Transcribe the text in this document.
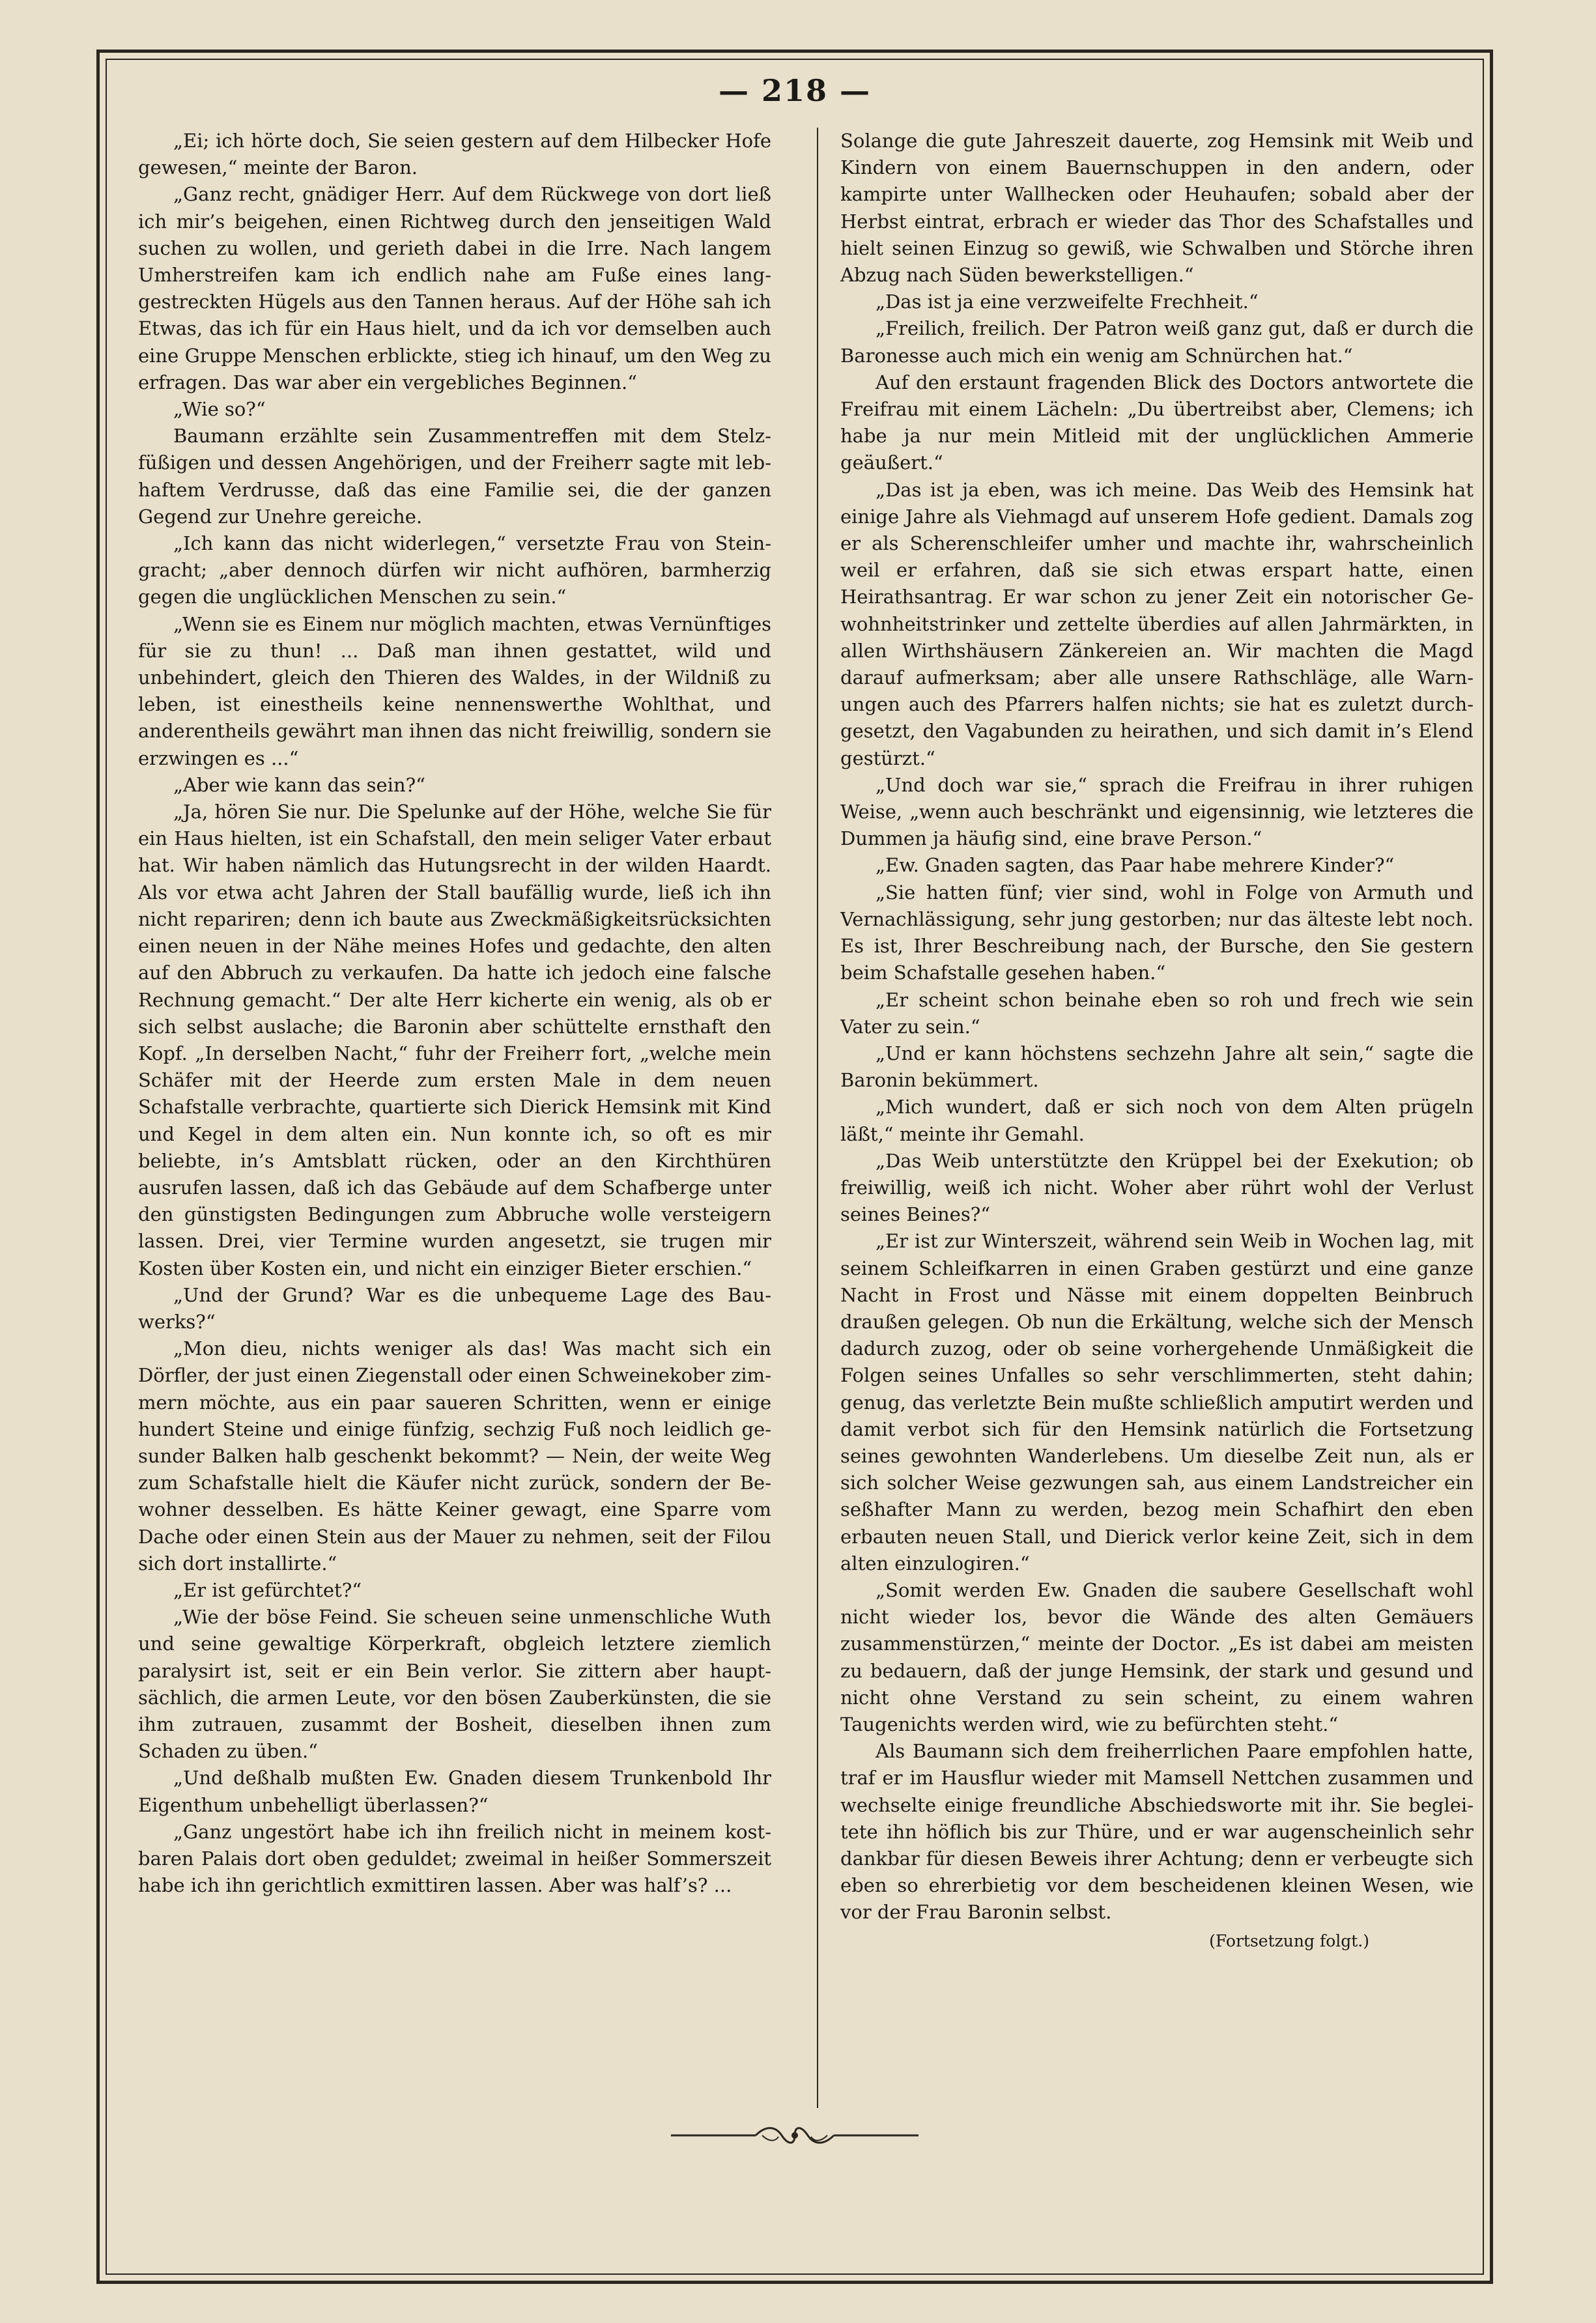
— 218 —

„Ei; ich hörte doch, Sie seien gestern auf dem Hilbecker Hofe gewesen,“ meinte der Baron.

„Ganz recht, gnädiger Herr. Auf dem Rückwege von dort ließ ich mir’s beigehen, einen Richtweg durch den jenseitigen Wald suchen zu wollen, und gerieth dabei in die Irre. Nach langem Umherstreifen kam ich endlich nahe am Fuße eines langgestreckten Hügels aus den Tannen heraus. Auf der Höhe sah ich Etwas, das ich für ein Haus hielt, und da ich vor demselben auch eine Gruppe Menschen erblickte, stieg ich hinauf, um den Weg zu erfragen. Das war aber ein vergebliches Beginnen.“

„Wie so?“

Baumann erzählte sein Zusammentreffen mit dem Stelzfüßigen und dessen Angehörigen, und der Freiherr sagte mit lebhaftem Verdrusse, daß das eine Familie sei, die der ganzen Gegend zur Unehre gereiche.

„Ich kann das nicht widerlegen,“ versetzte Frau von Steingracht; „aber dennoch dürfen wir nicht aufhören, barmherzig gegen die unglücklichen Menschen zu sein.“

„Wenn sie es Einem nur möglich machten, etwas Vernünftiges für sie zu thun! ... Daß man ihnen gestattet, wild und unbehindert, gleich den Thieren des Waldes, in der Wildniß zu leben, ist einestheils keine nennenswerthe Wohlthat, und anderentheils gewährt man ihnen das nicht freiwillig, sondern sie erzwingen es ...“

„Aber wie kann das sein?“

„Ja, hören Sie nur. Die Spelunke auf der Höhe, welche Sie für ein Haus hielten, ist ein Schafstall, den mein seliger Vater erbaut hat. Wir haben nämlich das Hutungsrecht in der wilden Haardt. Als vor etwa acht Jahren der Stall baufällig wurde, ließ ich ihn nicht repariren; denn ich baute aus Zweckmäßigkeitsrücksichten einen neuen in der Nähe meines Hofes und gedachte, den alten auf den Abbruch zu verkaufen. Da hatte ich jedoch eine falsche Rechnung gemacht.“ Der alte Herr kicherte ein wenig, als ob er sich selbst auslache; die Baronin aber schüttelte ernsthaft den Kopf. „In derselben Nacht,“ fuhr der Freiherr fort, „welche mein Schäfer mit der Heerde zum ersten Male in dem neuen Schafstalle verbrachte, quartierte sich Dierick Hemsink mit Kind und Kegel in dem alten ein. Nun konnte ich, so oft es mir beliebte, in’s Amtsblatt rücken, oder an den Kirchthüren ausrufen lassen, daß ich das Gebäude auf dem Schafberge unter den günstigsten Bedingungen zum Abbruche wolle versteigern lassen. Drei, vier Termine wurden angesetzt, sie trugen mir Kosten über Kosten ein, und nicht ein einziger Bieter erschien.“

„Und der Grund? War es die unbequeme Lage des Bauwerks?“

„Mon dieu, nichts weniger als das! Was macht sich ein Dörfler, der just einen Ziegenstall oder einen Schweinekober zimmern möchte, aus ein paar saueren Schritten, wenn er einige hundert Steine und einige fünfzig, sechzig Fuß noch leidlich gesunder Balken halb geschenkt bekommt? — Nein, der weite Weg zum Schafstalle hielt die Käufer nicht zurück, sondern der Bewohner desselben. Es hätte Keiner gewagt, eine Sparre vom Dache oder einen Stein aus der Mauer zu nehmen, seit der Filou sich dort installirte.“

„Er ist gefürchtet?“

„Wie der böse Feind. Sie scheuen seine unmenschliche Wuth und seine gewaltige Körperkraft, obgleich letztere ziemlich paralysirt ist, seit er ein Bein verlor. Sie zittern aber hauptsächlich, die armen Leute, vor den bösen Zauberkünsten, die sie ihm zutrauen, zusammt der Bosheit, dieselben ihnen zum Schaden zu üben.“

„Und deßhalb mußten Ew. Gnaden diesem Trunkenbold Ihr Eigenthum unbehelligt überlassen?“

„Ganz ungestört habe ich ihn freilich nicht in meinem kostbaren Palais dort oben geduldet; zweimal in heißer Sommerszeit habe ich ihn gerichtlich exmittiren lassen. Aber was half’s? ...

Solange die gute Jahreszeit dauerte, zog Hemsink mit Weib und Kindern von einem Bauernschuppen in den andern, oder kampirte unter Wallhecken oder Heuhaufen; sobald aber der Herbst eintrat, erbrach er wieder das Thor des Schafstalles und hielt seinen Einzug so gewiß, wie Schwalben und Störche ihren Abzug nach Süden bewerkstelligen.“

„Das ist ja eine verzweifelte Frechheit.“

„Freilich, freilich. Der Patron weiß ganz gut, daß er durch die Baronesse auch mich ein wenig am Schnürchen hat.“

Auf den erstaunt fragenden Blick des Doctors antwortete die Freifrau mit einem Lächeln: „Du übertreibst aber, Clemens; ich habe ja nur mein Mitleid mit der unglücklichen Ammerie geäußert.“

„Das ist ja eben, was ich meine. Das Weib des Hemsink hat einige Jahre als Viehmagd auf unserem Hofe gedient. Damals zog er als Scherenschleifer umher und machte ihr, wahrscheinlich weil er erfahren, daß sie sich etwas erspart hatte, einen Heirathsantrag. Er war schon zu jener Zeit ein notorischer Gewohnheitstrinker und zettelte überdies auf allen Jahrmärkten, in allen Wirthshäusern Zänkereien an. Wir machten die Magd darauf aufmerksam; aber alle unsere Rathschläge, alle Warnungen auch des Pfarrers halfen nichts; sie hat es zuletzt durchgesetzt, den Vagabunden zu heirathen, und sich damit in’s Elend gestürzt.“

„Und doch war sie,“ sprach die Freifrau in ihrer ruhigen Weise, „wenn auch beschränkt und eigensinnig, wie letzteres die Dummen ja häufig sind, eine brave Person.“

„Ew. Gnaden sagten, das Paar habe mehrere Kinder?“

„Sie hatten fünf; vier sind, wohl in Folge von Armuth und Vernachlässigung, sehr jung gestorben; nur das älteste lebt noch. Es ist, Ihrer Beschreibung nach, der Bursche, den Sie gestern beim Schafstalle gesehen haben.“

„Er scheint schon beinahe eben so roh und frech wie sein Vater zu sein.“

„Und er kann höchstens sechzehn Jahre alt sein,“ sagte die Baronin bekümmert.

„Mich wundert, daß er sich noch von dem Alten prügeln läßt,“ meinte ihr Gemahl.

„Das Weib unterstützte den Krüppel bei der Exekution; ob freiwillig, weiß ich nicht. Woher aber rührt wohl der Verlust seines Beines?“

„Er ist zur Winterszeit, während sein Weib in Wochen lag, mit seinem Schleifkarren in einen Graben gestürzt und eine ganze Nacht in Frost und Nässe mit einem doppelten Beinbruch draußen gelegen. Ob nun die Erkältung, welche sich der Mensch dadurch zuzog, oder ob seine vorhergehende Unmäßigkeit die Folgen seines Unfalles so sehr verschlimmerten, steht dahin; genug, das verletzte Bein mußte schließlich amputirt werden und damit verbot sich für den Hemsink natürlich die Fortsetzung seines gewohnten Wanderlebens. Um dieselbe Zeit nun, als er sich solcher Weise gezwungen sah, aus einem Landstreicher ein seßhafter Mann zu werden, bezog mein Schafhirt den eben erbauten neuen Stall, und Dierick verlor keine Zeit, sich in dem alten einzulogiren.“

„Somit werden Ew. Gnaden die saubere Gesellschaft wohl nicht wieder los, bevor die Wände des alten Gemäuers zusammenstürzen,“ meinte der Doctor. „Es ist dabei am meisten zu bedauern, daß der junge Hemsink, der stark und gesund und nicht ohne Verstand zu sein scheint, zu einem wahren Taugenichts werden wird, wie zu befürchten steht.“

Als Baumann sich dem freiherrlichen Paare empfohlen hatte, traf er im Hausflur wieder mit Mamsell Nettchen zusammen und wechselte einige freundliche Abschiedsworte mit ihr. Sie begleitete ihn höflich bis zur Thüre, und er war augenscheinlich sehr dankbar für diesen Beweis ihrer Achtung; denn er verbeugte sich eben so ehrerbietig vor dem bescheidenen kleinen Wesen, wie vor der Frau Baronin selbst.

(Fortsetzung folgt.)
